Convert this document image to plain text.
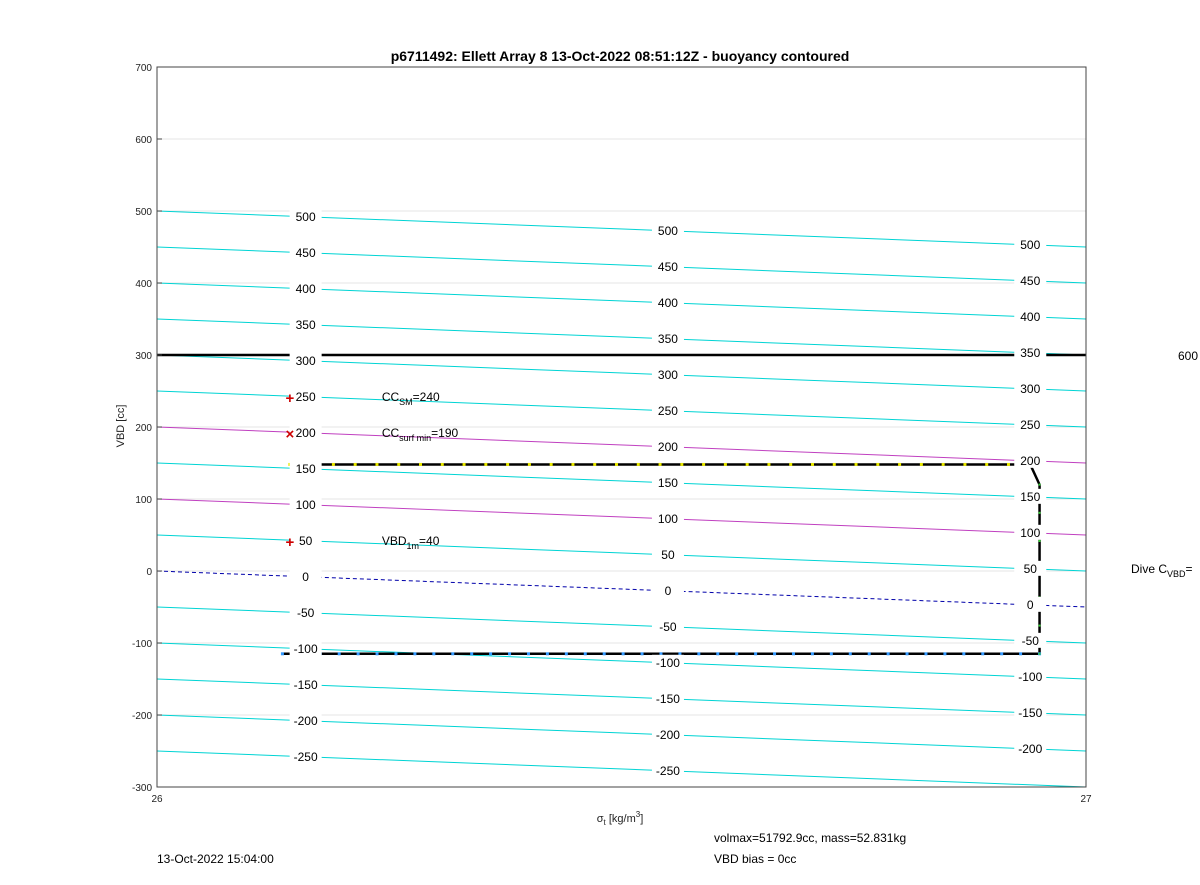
500
450
400
350
300
250
200
150
100
50
0
-50
-100
-150
-200
-250
500
450
400
350
300
250
200
150
100
50
0
-50
-100
-150
-200
-250
500
450
400
350
300
250
200
150
100
50
0
-50
-100
-150
-200
+
×
+
$CC_{SM}=240$
$CC_{surf min}=190$
$VBD_{1m}=40$
700
600
500
400
300
200
100
0
-100
-200
-300
26	27
p6711492: Ellett Array 8 13-Oct-2022 08:51:12Z - buoyancy contoured
VBD [cc]
$\sigma_t$ $[kg/m^3]$
600
Dive $C_{VBD}=$
13-Oct-2022 15:04:00
volmax=51792.9cc, mass=52.831kg
VBD bias = 0cc
